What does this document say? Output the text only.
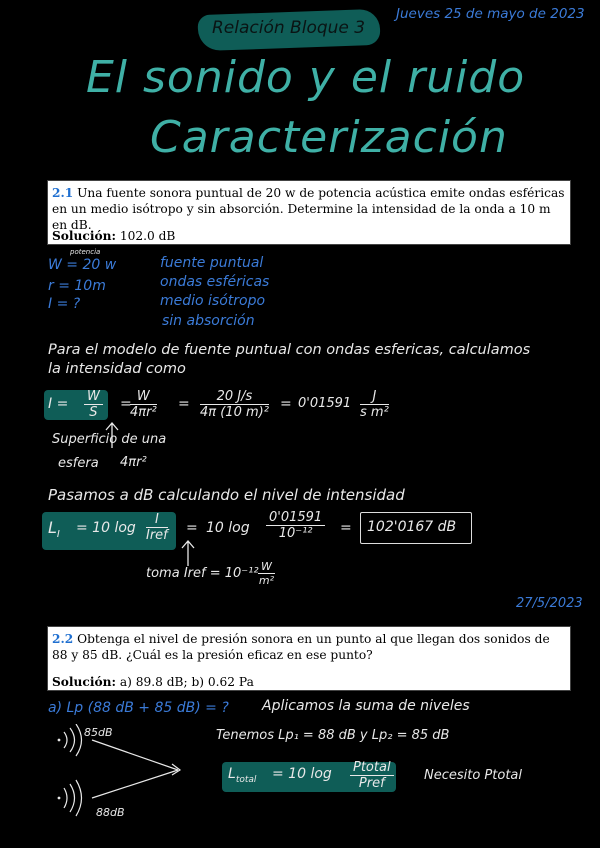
Jueves 25 de mayo de 2023
Relación Bloque 3
El sonido y el ruido
Caracterización

2.1 Una fuente sonora puntual de 20 w de potencia acústica emite ondas esféricas en un medio isótropo y sin absorción. Determine la intensidad de la onda a 10 m en dB.

Solución: 102.0 dB

potencia
W = 20 w
r = 10m
I = ?
fuente puntual
ondas esféricas
medio isótropo
sin absorción
Para el modelo de fuente puntual con ondas esfericas, calculamos
la intensidad como
$I = \frac{W}{S}$ =
$\frac{W}{\text{4πr²}} = \frac{20 J/s}{\text{4π (10 m)²}} = 0'01591 \frac{J}{\text{s m²}}$
Superficio de una
esfera 4πr²
Pasamos a dB calculando el nivel de intensidad
$L_I = 10$ $\log \frac{I}{\text{Iref}} = 10$ $\log \frac{0'01591}{\text{10⁻¹²}} = 102'0167$ dB
toma Iref = $10^{-12} \frac{W}{\text{m²}}$
27/5/2023

2.2 Obtenga el nivel de presión sonora en un punto al que llegan dos sonidos de 88 y 85 dB. ¿Cuál es la presión eficaz en ese punto?

Solución: a) 89.8 dB; b) 0.62 Pa

a) Lp (88 dB + 85 dB) = ? Aplicamos la suma de niveles
Tenemos Lp₁ = 88 dB y Lp₂ = 85 dB
$L_{total} = 10$ $\log \frac{\text{Ptotal}}{\text{Pref}}$ Necesito Ptotal
85dB
88dB
